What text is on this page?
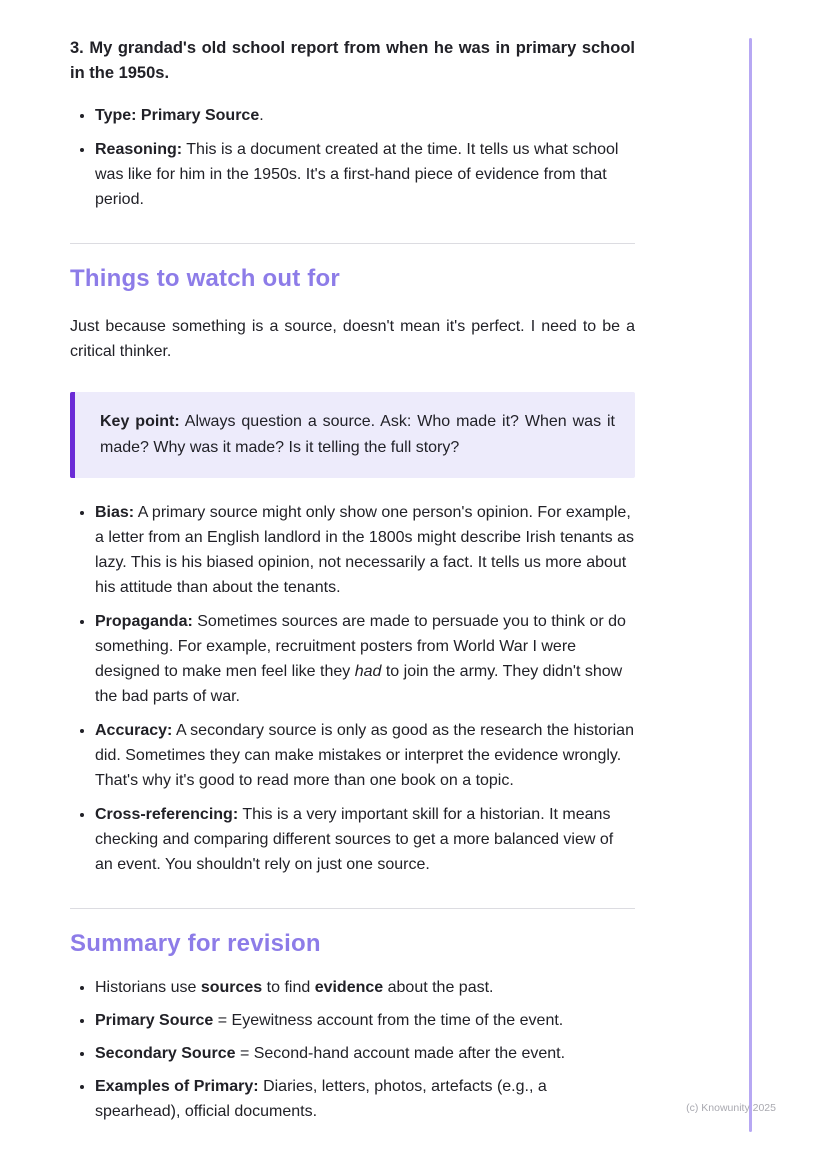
3. My grandad's old school report from when he was in primary school in the 1950s.

• Type: Primary Source.
• Reasoning: This is a document created at the time. It tells us what school was like for him in the 1950s. It's a first-hand piece of evidence from that period.
Things to watch out for

Just because something is a source, doesn't mean it's perfect. I need to be a critical thinker.

Key point: Always question a source. Ask: Who made it? When was it made? Why was it made? Is it telling the full story?
• Bias: A primary source might only show one person's opinion. For example, a letter from an English landlord in the 1800s might describe Irish tenants as lazy. This is his biased opinion, not necessarily a fact. It tells us more about his attitude than about the tenants.
• Propaganda: Sometimes sources are made to persuade you to think or do something. For example, recruitment posters from World War I were designed to make men feel like they had to join the army. They didn't show the bad parts of war.
• Accuracy: A secondary source is only as good as the research the historian did. Sometimes they can make mistakes or interpret the evidence wrongly. That's why it's good to read more than one book on a topic.
• Cross-referencing: This is a very important skill for a historian. It means checking and comparing different sources to get a more balanced view of an event. You shouldn't rely on just one source.
Summary for revision
• Historians use sources to find evidence about the past.
• Primary Source = Eyewitness account from the time of the event.
• Secondary Source = Second-hand account made after the event.
• Examples of Primary: Diaries, letters, photos, artefacts (e.g., a spearhead), official documents.	(c) Knowunity 2025
